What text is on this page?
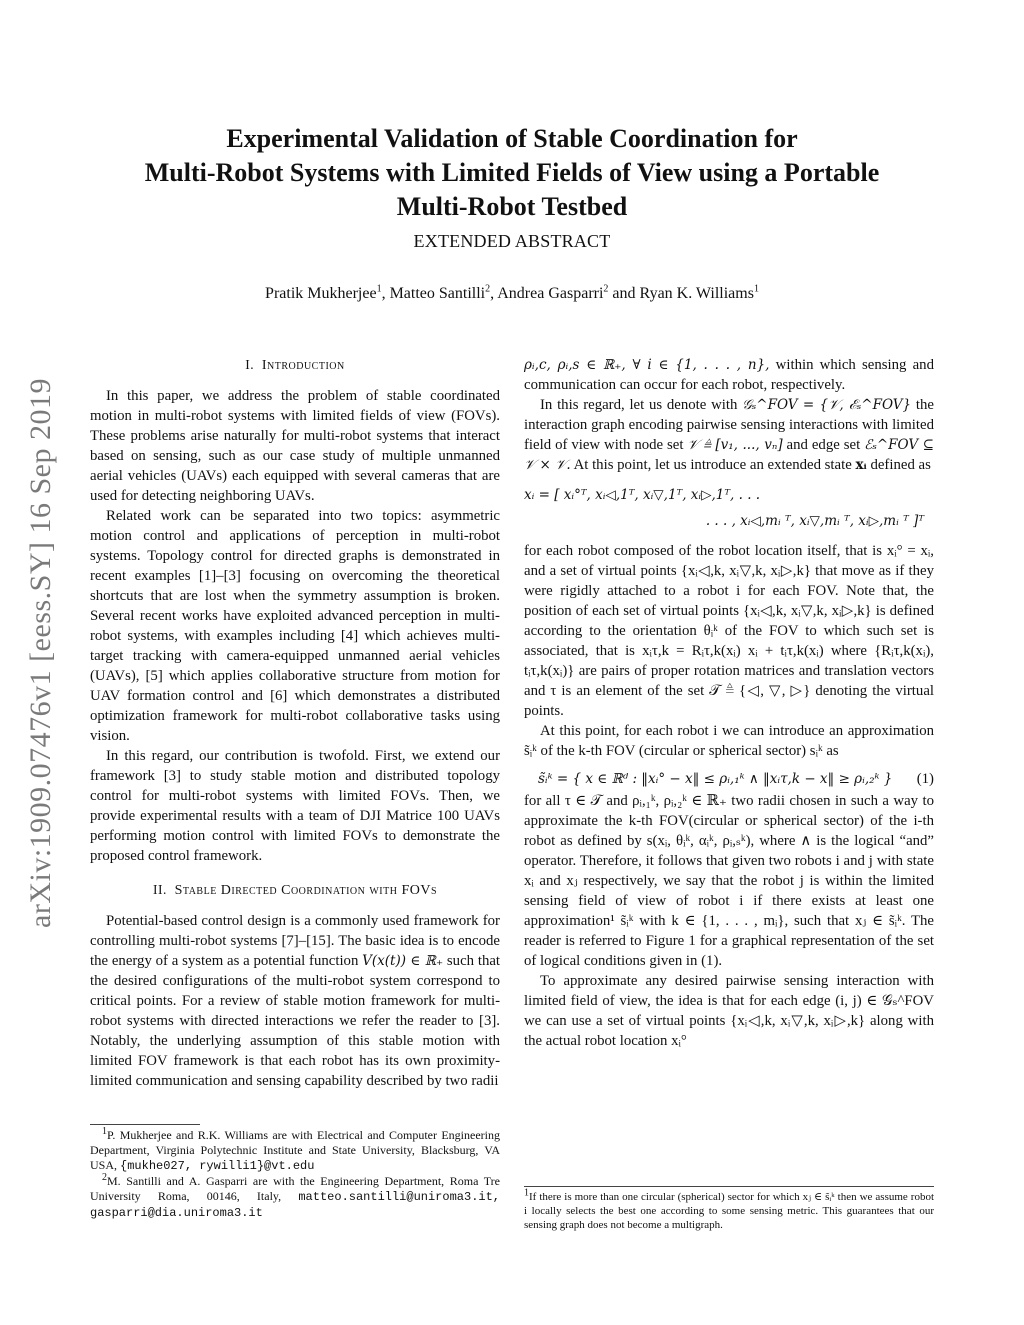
arXiv:1909.07476v1 [eess.SY] 16 Sep 2019
Experimental Validation of Stable Coordination for
Multi-Robot Systems with Limited Fields of View using a Portable
Multi-Robot Testbed
EXTENDED ABSTRACT
Pratik Mukherjee$^1$, Matteo Santilli$^2$, Andrea Gasparri$^2$ and Ryan K. Williams$^1$
I. Introduction

In this paper, we address the problem of stable coordinated motion in multi-robot systems with limited fields of view (FOVs). These problems arise naturally for multi-robot systems that interact based on sensing, such as our case study of multiple unmanned aerial vehicles (UAVs) each equipped with several cameras that are used for detecting neighboring UAVs.

Related work can be separated into two topics: asymmetric motion control and applications of perception in multi-robot systems. Topology control for directed graphs is demonstrated in recent examples [1]–[3] focusing on overcoming the theoretical shortcuts that are lost when the symmetry assumption is broken. Several recent works have exploited advanced perception in multi-robot systems, with examples including [4] which achieves multi-target tracking with camera-equipped unmanned aerial vehicles (UAVs), [5] which applies collaborative structure from motion for UAV formation control and [6] which demonstrates a distributed optimization framework for multi-robot collaborative tasks using vision.

In this regard, our contribution is twofold. First, we extend our framework [3] to study stable motion and distributed topology control for multi-robot systems with limited FOVs. Then, we provide experimental results with a team of DJI Matrice 100 UAVs performing motion control with limited FOVs to demonstrate the proposed control framework.

II. Stable Directed Coordination with FOVs

Potential-based control design is a commonly used framework for controlling multi-robot systems [7]–[15]. The basic idea is to encode the energy of a system as a potential function V(x(t)) ∈ ℝ₊ such that the desired configurations of the multi-robot system correspond to critical points. For a review of stable motion framework for multi-robot systems with directed interactions we refer the reader to [3]. Notably, the underlying assumption of this stable motion with limited FOV framework is that each robot has its own proximity-limited communication and sensing capability described by two radii

$^1$P. Mukherjee and R.K. Williams are with Electrical and Computer Engineering Department, Virginia Polytechnic Institute and State University, Blacksburg, VA USA, {mukhe027, rywilli1}@vt.edu
$^2$M. Santilli and A. Gasparri are with the Engineering Department, Roma Tre University Roma, 00146, Italy, matteo.santilli@uniroma3.it, gasparri@dia.uniroma3.it

ρᵢ,c, ρᵢ,s ∈ ℝ₊, ∀ i ∈ {1, . . . , n}, within which sensing and communication can occur for each robot, respectively.

In this regard, let us denote with 𝒢ₛ^FOV = {𝒱, ℰₛ^FOV} the interaction graph encoding pairwise sensing interactions with limited field of view with node set 𝒱 ≜ [v₁, ..., vₙ] and edge set ℰₛ^FOV ⊆ 𝒱 × 𝒱. At this point, let us introduce an extended state xᵢ defined as

xᵢ = [ xᵢ°ᵀ, xᵢ◁,1ᵀ, xᵢ▽,1ᵀ, xᵢ▷,1ᵀ, . . .
. . . , xᵢ◁,mᵢ ᵀ, xᵢ▽,mᵢ ᵀ, xᵢ▷,mᵢ ᵀ ]ᵀ

for each robot composed of the robot location itself, that is xᵢ° = xᵢ, and a set of virtual points {xᵢ◁,k, xᵢ▽,k, xᵢ▷,k} that move as if they were rigidly attached to a robot i for each FOV. Note that, the position of each set of virtual points {xᵢ◁,k, xᵢ▽,k, xᵢ▷,k} is defined according to the orientation θᵢᵏ of the FOV to which such set is associated, that is xᵢτ,k = Rᵢτ,k(xᵢ) xᵢ + tᵢτ,k(xᵢ) where {Rᵢτ,k(xᵢ), tᵢτ,k(xᵢ)} are pairs of proper rotation matrices and translation vectors and τ is an element of the set 𝒯 ≜ {◁, ▽, ▷} denoting the virtual points.

At this point, for each robot i we can introduce an approximation s̃ᵢᵏ of the k-th FOV (circular or spherical sector) sᵢᵏ as

s̃ᵢᵏ = { x ∈ ℝᵈ : ‖xᵢ° − x‖ ≤ ρᵢ,₁ᵏ ∧ ‖xᵢτ,k − x‖ ≥ ρᵢ,₂ᵏ } (1)

for all τ ∈ 𝒯 and ρᵢ,₁ᵏ, ρᵢ,₂ᵏ ∈ ℝ₊ two radii chosen in such a way to approximate the k-th FOV(circular or spherical sector) of the i-th robot as defined by s(xᵢ, θᵢᵏ, αᵢᵏ, ρᵢ,ₛᵏ), where ∧ is the logical “and” operator. Therefore, it follows that given two robots i and j with state xᵢ and xⱼ respectively, we say that the robot j is within the limited sensing field of view of robot i if there exists at least one approximation¹ s̃ᵢᵏ with k ∈ {1, . . . , mᵢ}, such that xⱼ ∈ s̃ᵢᵏ. The reader is referred to Figure 1 for a graphical representation of the set of logical conditions given in (1).

To approximate any desired pairwise sensing interaction with limited field of view, the idea is that for each edge (i, j) ∈ 𝒢ₛ^FOV we can use a set of virtual points {xᵢ◁,k, xᵢ▽,k, xᵢ▷,k} along with the actual robot location xᵢ°

$^1$If there is more than one circular (spherical) sector for which xⱼ ∈ s̃ᵢᵏ then we assume robot i locally selects the best one according to some sensing metric. This guarantees that our sensing graph does not become a multigraph.
